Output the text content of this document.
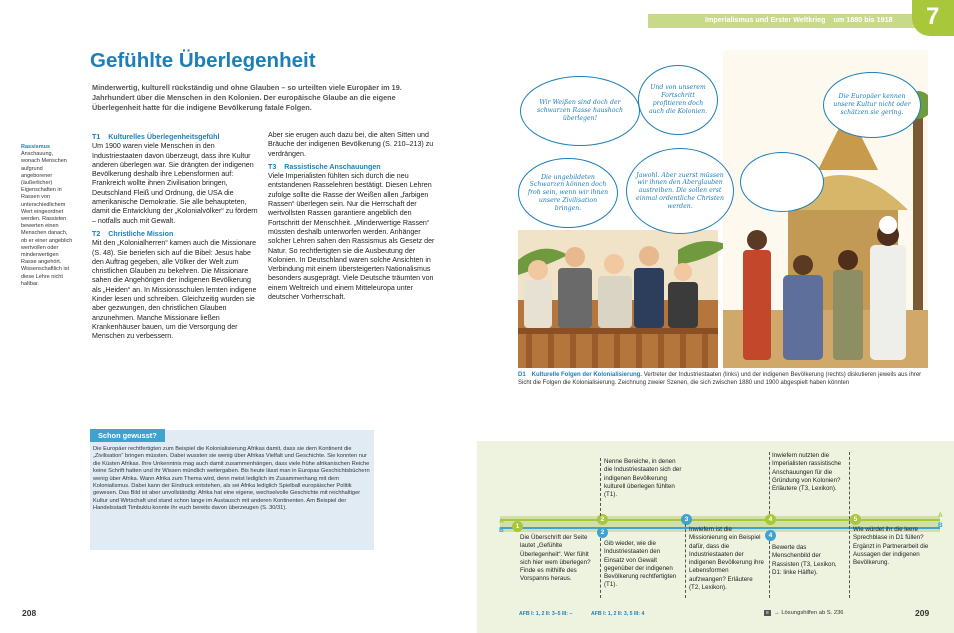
Imperialismus und Erster Weltkrieg um 1880 bis 1918 7
Gefühlte Überlegenheit
Minderwertig, kulturell rückständig und ohne Glauben – so urteilten viele Europäer im 19. Jahrhundert über die Menschen in den Kolonien. Der europäische Glaube an die eigene Überlegenheit hatte für die indigene Bevölkerung fatale Folgen.
Rassismus
Anschauung, wonach Menschen aufgrund angeborener (äußerlicher) Eigenschaften in Rassen von unterschiedlichem Wert eingeordnet werden. Rassisten bewerten einen Menschen danach, ob er einer angeblich wertvollen oder minderwertigen Rasse angehört. Wissenschaftlich ist diese Lehre nicht haltbar.
T1 Kulturelles Überlegenheitsgefühl
Um 1900 waren viele Menschen in den Industriestaaten davon überzeugt, dass ihre Kultur anderen überlegen war. Sie drängten der indigenen Bevölkerung deshalb ihre Lebensformen auf: Frankreich wollte ihnen Zivilisation bringen, Deutschland Fleiß und Ordnung, die USA die amerikanische Demokratie. Sie alle behaupteten, damit die Entwicklung der „Kolonialvölker“ zu fördern – notfalls auch mit Gewalt.
T2 Christliche Mission
Mit den „Kolonialherren“ kamen auch die Missionare (S. 48). Sie beriefen sich auf die Bibel: Jesus habe den Auftrag gegeben, alle Völker der Welt zum christlichen Glauben zu bekehren. Die Missionare sahen die Angehörigen der indigenen Bevölkerung als „Heiden“ an. In Missionsschulen lernten indigene Kinder lesen und schreiben. Gleichzeitig wurden sie aber gezwungen, den christlichen Glauben anzunehmen. Manche Missionare ließen Krankenhäuser bauen, um die Versorgung der Menschen zu verbessern.
Aber sie erugen auch dazu bei, die alten Sitten und Bräuche der indigenen Bevölkerung (S. 210–213) zu verdrängen.
T3 Rassistische Anschauungen
Viele Imperialisten fühlten sich durch die neu entstandenen Rasselehren bestätigt. Diesen Lehren zufolge sollte die Rasse der Weißen allen „farbigen Rassen“ überlegen sein. Nur die Herrschaft der wertvollsten Rassen garantiere angeblich den Fortschritt der Menschheit. „Minderwertige Rassen“ müssten deshalb unterworfen werden. Anhänger solcher Lehren sahen den Rassismus als Gesetz der Natur. So rechtfertigten sie die Ausbeutung der Kolonien. In Deutschland waren solche Ansichten in Verbindung mit einem übersteigerten Nationalismus besonders ausgeprägt. Viele Deutsche träumten von einem Weltreich und einem Mitteleuropa unter deutscher Vorherrschaft.
Schon gewusst?
Die Europäer rechtfertigten zum Beispiel die Kolonialisierung Afrikas damit, dass sie dem Kontinent die „Zivilisation“ bringen müssten. Dabei wussten sie wenig über Afrikas Vielfalt und Geschichte. Sie konnten nur die Küsten Afrikas. Ihre Unkenntnis mag auch damit zusammenhängen, dass viele frühe afrikanischen Reiche keine Schrift hatten und ihr Wissen mündlich weitergaben. Bis heute lässt man in Europas Geschichtsbüchern wenig über Afrika. Wann Afrika zum Thema wird, denn meist lediglich im Zusammenhang mit dem Kolonialismus. Dabei kann der Eindruck entstehen, als sei Afrika lediglich Spielball europäischer Politik gewesen. Das Bild ist aber unvollständig: Afrika hat eine eigene, wechselvolle Geschichte mit reichhaltiger Kultur und Wirtschaft und stand schon lange im Austausch mit anderen Kontinenten. Am Beispiel der Handelsstadt Timbuktu konnte ihr euch bereits davon überzeugen (S. 30/31).
208
Wir Weißen sind doch der schwarzen Rasse haushoch überlegen!
Und von unserem Fortschritt profitieren doch auch die Kolonien.
Die ungebildeten Schwarzen können doch froh sein, wenn wir ihnen unsere Zivilisation bringen.
Jawohl. Aber zuerst müssen wir ihnen den Aberglauben austreiben. Die sollen erst einmal ordentliche Christen werden.
Die Europäer kennen unsere Kultur nicht oder schätzen sie gering.
D1 Kulturelle Folgen der Kolonialisierung. Vertreter der Industriestaaten (links) und der indigenen Bevölkerung (rechts) diskutieren jeweils aus ihrer Sicht die Folgen die Kolonialisierung. Zeichnung zweier Szenen, die sich zwischen 1880 und 1900 abgespielt haben könnten
A
B
A
B
1
2
2
3	4
4
5
Die Überschrift der Seite lautet „Gefühlte Überlegenheit“. Wer fühlt sich hier wem überlegen? Finde es mithilfe des Vorspanns heraus.
Nenne Bereiche, in denen die Industriestaaten sich der indigenen Bevölkerung kulturell überlegen fühlten (T1).
Gib wieder, wie die Industriestaaten den Einsatz von Gewalt gegenüber der indigenen Bevölkerung rechtfertigten (T1).
Inwiefern ist die Missionierung ein Beispiel dafür, dass die Industriestaaten der indigenen Bevölkerung ihre Lebensformen aufzwangen? Erläutere (T2, Lexikon).
Inwiefern nutzten die Imperialisten rassistische Anschauungen für die Gründung von Kolonien? Erläutere (T3, Lexikon).
Bewerte das Menschenbild der Rassisten (T3, Lexikon, D1: linke Hälfte).
Wie würdet ihr die leere Sprechblase in D1 füllen? Ergänzt in Partnerarbeit die Aussagen der indigenen Bevölkerung.
AFB I: 1, 2 II: 3–5 III: –	AFB I: 1, 2 II: 3, 5 III: 4	≡ → Lösungshilfen ab S. 236	209
